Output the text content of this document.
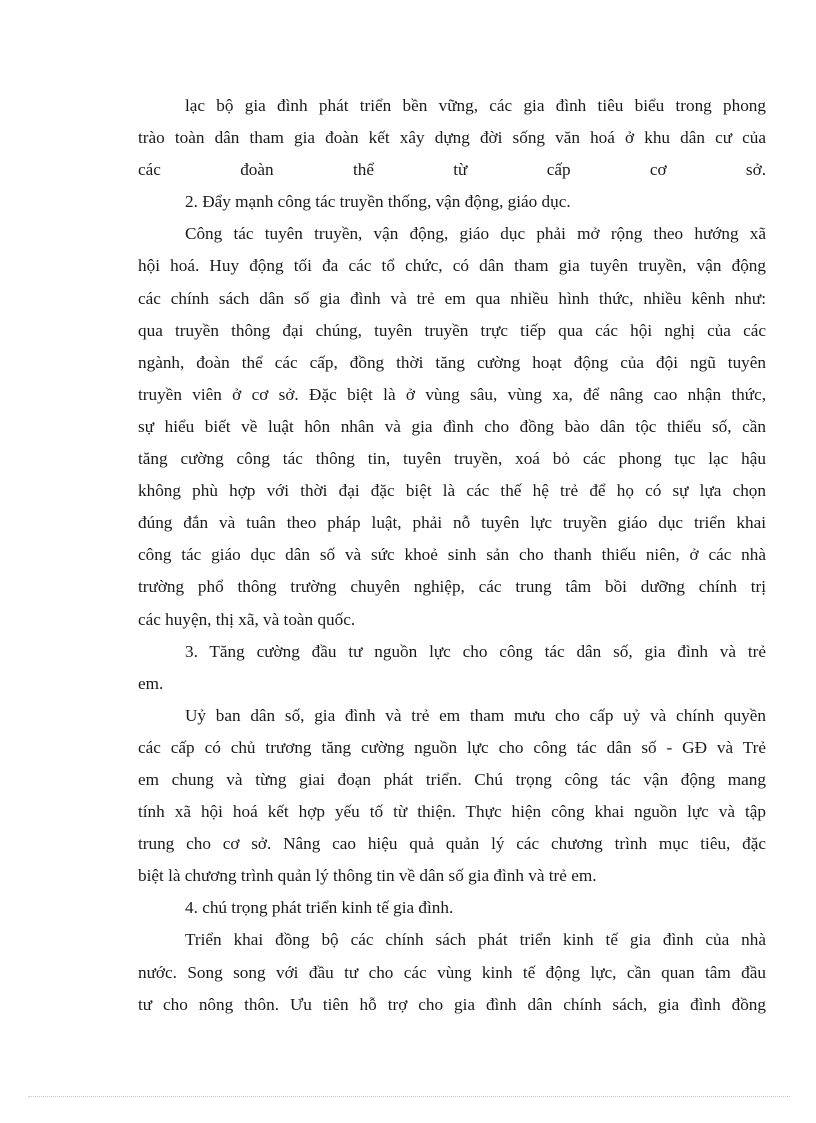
lạc bộ gia đình phát triển bền vững, các gia đình tiêu biểu trong phong
trào toàn dân tham gia đoàn kết xây dựng đời sống văn hoá ở khu dân cư của
các đoàn thể từ cấp cơ sở.
2. Đẩy mạnh công tác truyền thống, vận động, giáo dục.
Công tác tuyên truyền, vận động, giáo dục phải mở rộng theo hướng xã
hội hoá. Huy động tối đa các tổ chức, có dân tham gia tuyên truyền, vận động
các chính sách dân số gia đình và trẻ em qua nhiều hình thức, nhiều kênh như:
qua truyền thông đại chúng, tuyên truyền trực tiếp qua các hội nghị của các
ngành, đoàn thể các cấp, đồng thời tăng cường hoạt động của đội ngũ tuyên
truyền viên ở cơ sở. Đặc biệt là ở vùng sâu, vùng xa, để nâng cao nhận thức,
sự hiểu biết về luật hôn nhân và gia đình cho đồng bào dân tộc thiểu số, cần
tăng cường công tác thông tin, tuyên truyền, xoá bỏ các phong tục lạc hậu
không phù hợp với thời đại đặc biệt là các thế hệ trẻ để họ có sự lựa chọn
đúng đắn và tuân theo pháp luật, phải nỗ tuyên lực truyền giáo dục triển khai
công tác giáo dục dân số và sức khoẻ sinh sản cho thanh thiếu niên, ở các nhà
trường phổ thông trường chuyên nghiệp, các trung tâm bồi dưỡng chính trị
các huyện, thị xã, và toàn quốc.
3. Tăng cường đầu tư nguồn lực cho công tác dân số, gia đình và trẻ
em.
Uỷ ban dân số, gia đình và trẻ em tham mưu cho cấp uỷ và chính quyền
các cấp có chủ trương tăng cường nguồn lực cho công tác dân số - GĐ và Trẻ
em chung và từng giai đoạn phát triển. Chú trọng công tác vận động mang
tính xã hội hoá kết hợp yếu tố từ thiện. Thực hiện công khai nguồn lực và tập
trung cho cơ sở. Nâng cao hiệu quả quản lý các chương trình mục tiêu, đặc
biệt là chương trình quản lý thông tin về dân số gia đình và trẻ em.
4. chú trọng phát triển kinh tế gia đình.
Triển khai đồng bộ các chính sách phát triển kinh tế gia đình của nhà
nước. Song song với đầu tư cho các vùng kinh tế động lực, cần quan tâm đầu
tư cho nông thôn. Ưu tiên hỗ trợ cho gia đình dân chính sách, gia đình đồng
